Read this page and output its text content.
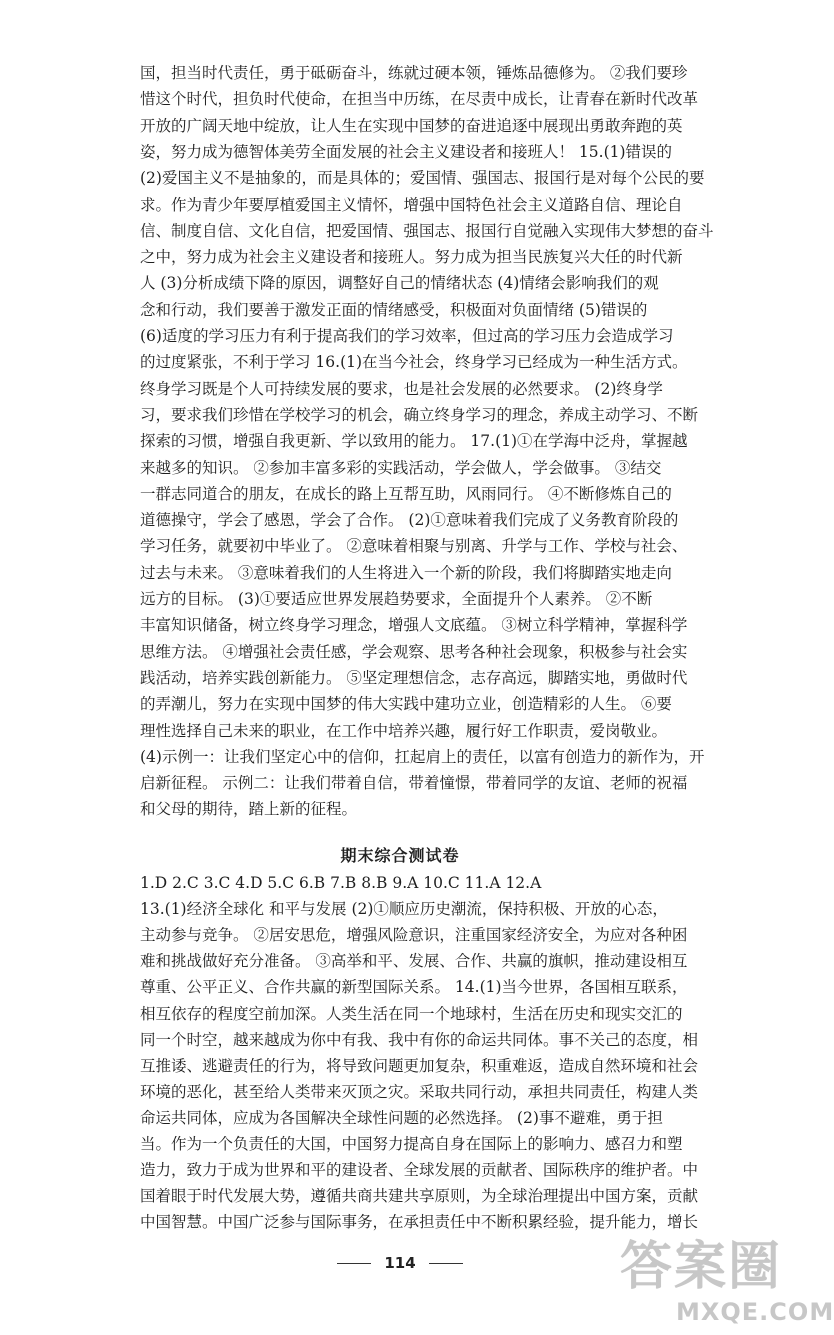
国，担当时代责任，勇于砥砺奋斗，练就过硬本领，锤炼品德修为。 ②我们要珍
惜这个时代，担负时代使命，在担当中历练，在尽责中成长，让青春在新时代改革
开放的广阔天地中绽放，让人生在实现中国梦的奋进追逐中展现出勇敢奔跑的英
姿，努力成为德智体美劳全面发展的社会主义建设者和接班人！ 15.(1)错误的
(2)爱国主义不是抽象的，而是具体的；爱国情、强国志、报国行是对每个公民的要
求。作为青少年要厚植爱国主义情怀，增强中国特色社会主义道路自信、理论自
信、制度自信、文化自信，把爱国情、强国志、报国行自觉融入实现伟大梦想的奋斗
之中，努力成为社会主义建设者和接班人。努力成为担当民族复兴大任的时代新
人 (3)分析成绩下降的原因，调整好自己的情绪状态 (4)情绪会影响我们的观
念和行动，我们要善于激发正面的情绪感受，积极面对负面情绪 (5)错误的
(6)适度的学习压力有利于提高我们的学习效率，但过高的学习压力会造成学习
的过度紧张，不利于学习 16.(1)在当今社会，终身学习已经成为一种生活方式。
终身学习既是个人可持续发展的要求，也是社会发展的必然要求。 (2)终身学
习，要求我们珍惜在学校学习的机会，确立终身学习的理念，养成主动学习、不断
探索的习惯，增强自我更新、学以致用的能力。 17.(1)①在学海中泛舟，掌握越
来越多的知识。 ②参加丰富多彩的实践活动，学会做人，学会做事。 ③结交
一群志同道合的朋友，在成长的路上互帮互助，风雨同行。 ④不断修炼自己的
道德操守，学会了感恩，学会了合作。 (2)①意味着我们完成了义务教育阶段的
学习任务，就要初中毕业了。 ②意味着相聚与别离、升学与工作、学校与社会、
过去与未来。 ③意味着我们的人生将进入一个新的阶段，我们将脚踏实地走向
远方的目标。 (3)①要适应世界发展趋势要求，全面提升个人素养。 ②不断
丰富知识储备，树立终身学习理念，增强人文底蕴。 ③树立科学精神，掌握科学
思维方法。 ④增强社会责任感，学会观察、思考各种社会现象，积极参与社会实
践活动，培养实践创新能力。 ⑤坚定理想信念，志存高远，脚踏实地，勇做时代
的弄潮儿，努力在实现中国梦的伟大实践中建功立业，创造精彩的人生。 ⑥要
理性选择自己未来的职业，在工作中培养兴趣，履行好工作职责，爱岗敬业。
(4)示例一：让我们坚定心中的信仰，扛起肩上的责任，以富有创造力的新作为，开
启新征程。 示例二：让我们带着自信，带着憧憬，带着同学的友谊、老师的祝福
和父母的期待，踏上新的征程。
期末综合测试卷
1.D 2.C 3.C 4.D 5.C 6.B 7.B 8.B 9.A 10.C 11.A 12.A
13.(1)经济全球化 和平与发展 (2)①顺应历史潮流，保持积极、开放的心态，
主动参与竞争。 ②居安思危，增强风险意识，注重国家经济安全，为应对各种困
难和挑战做好充分准备。 ③高举和平、发展、合作、共赢的旗帜，推动建设相互
尊重、公平正义、合作共赢的新型国际关系。 14.(1)当今世界，各国相互联系，
相互依存的程度空前加深。人类生活在同一个地球村，生活在历史和现实交汇的
同一个时空，越来越成为你中有我、我中有你的命运共同体。事不关己的态度，相
互推诿、逃避责任的行为，将导致问题更加复杂，积重难返，造成自然环境和社会
环境的恶化，甚至给人类带来灭顶之灾。采取共同行动，承担共同责任，构建人类
命运共同体，应成为各国解决全球性问题的必然选择。 (2)事不避难，勇于担
当。作为一个负责任的大国，中国努力提高自身在国际上的影响力、感召力和塑
造力，致力于成为世界和平的建设者、全球发展的贡献者、国际秩序的维护者。中
国着眼于时代发展大势，遵循共商共建共享原则，为全球治理提出中国方案，贡献
中国智慧。中国广泛参与国际事务，在承担责任中不断积累经验，提升能力，增长
114	答案圈
MXQE.COM
